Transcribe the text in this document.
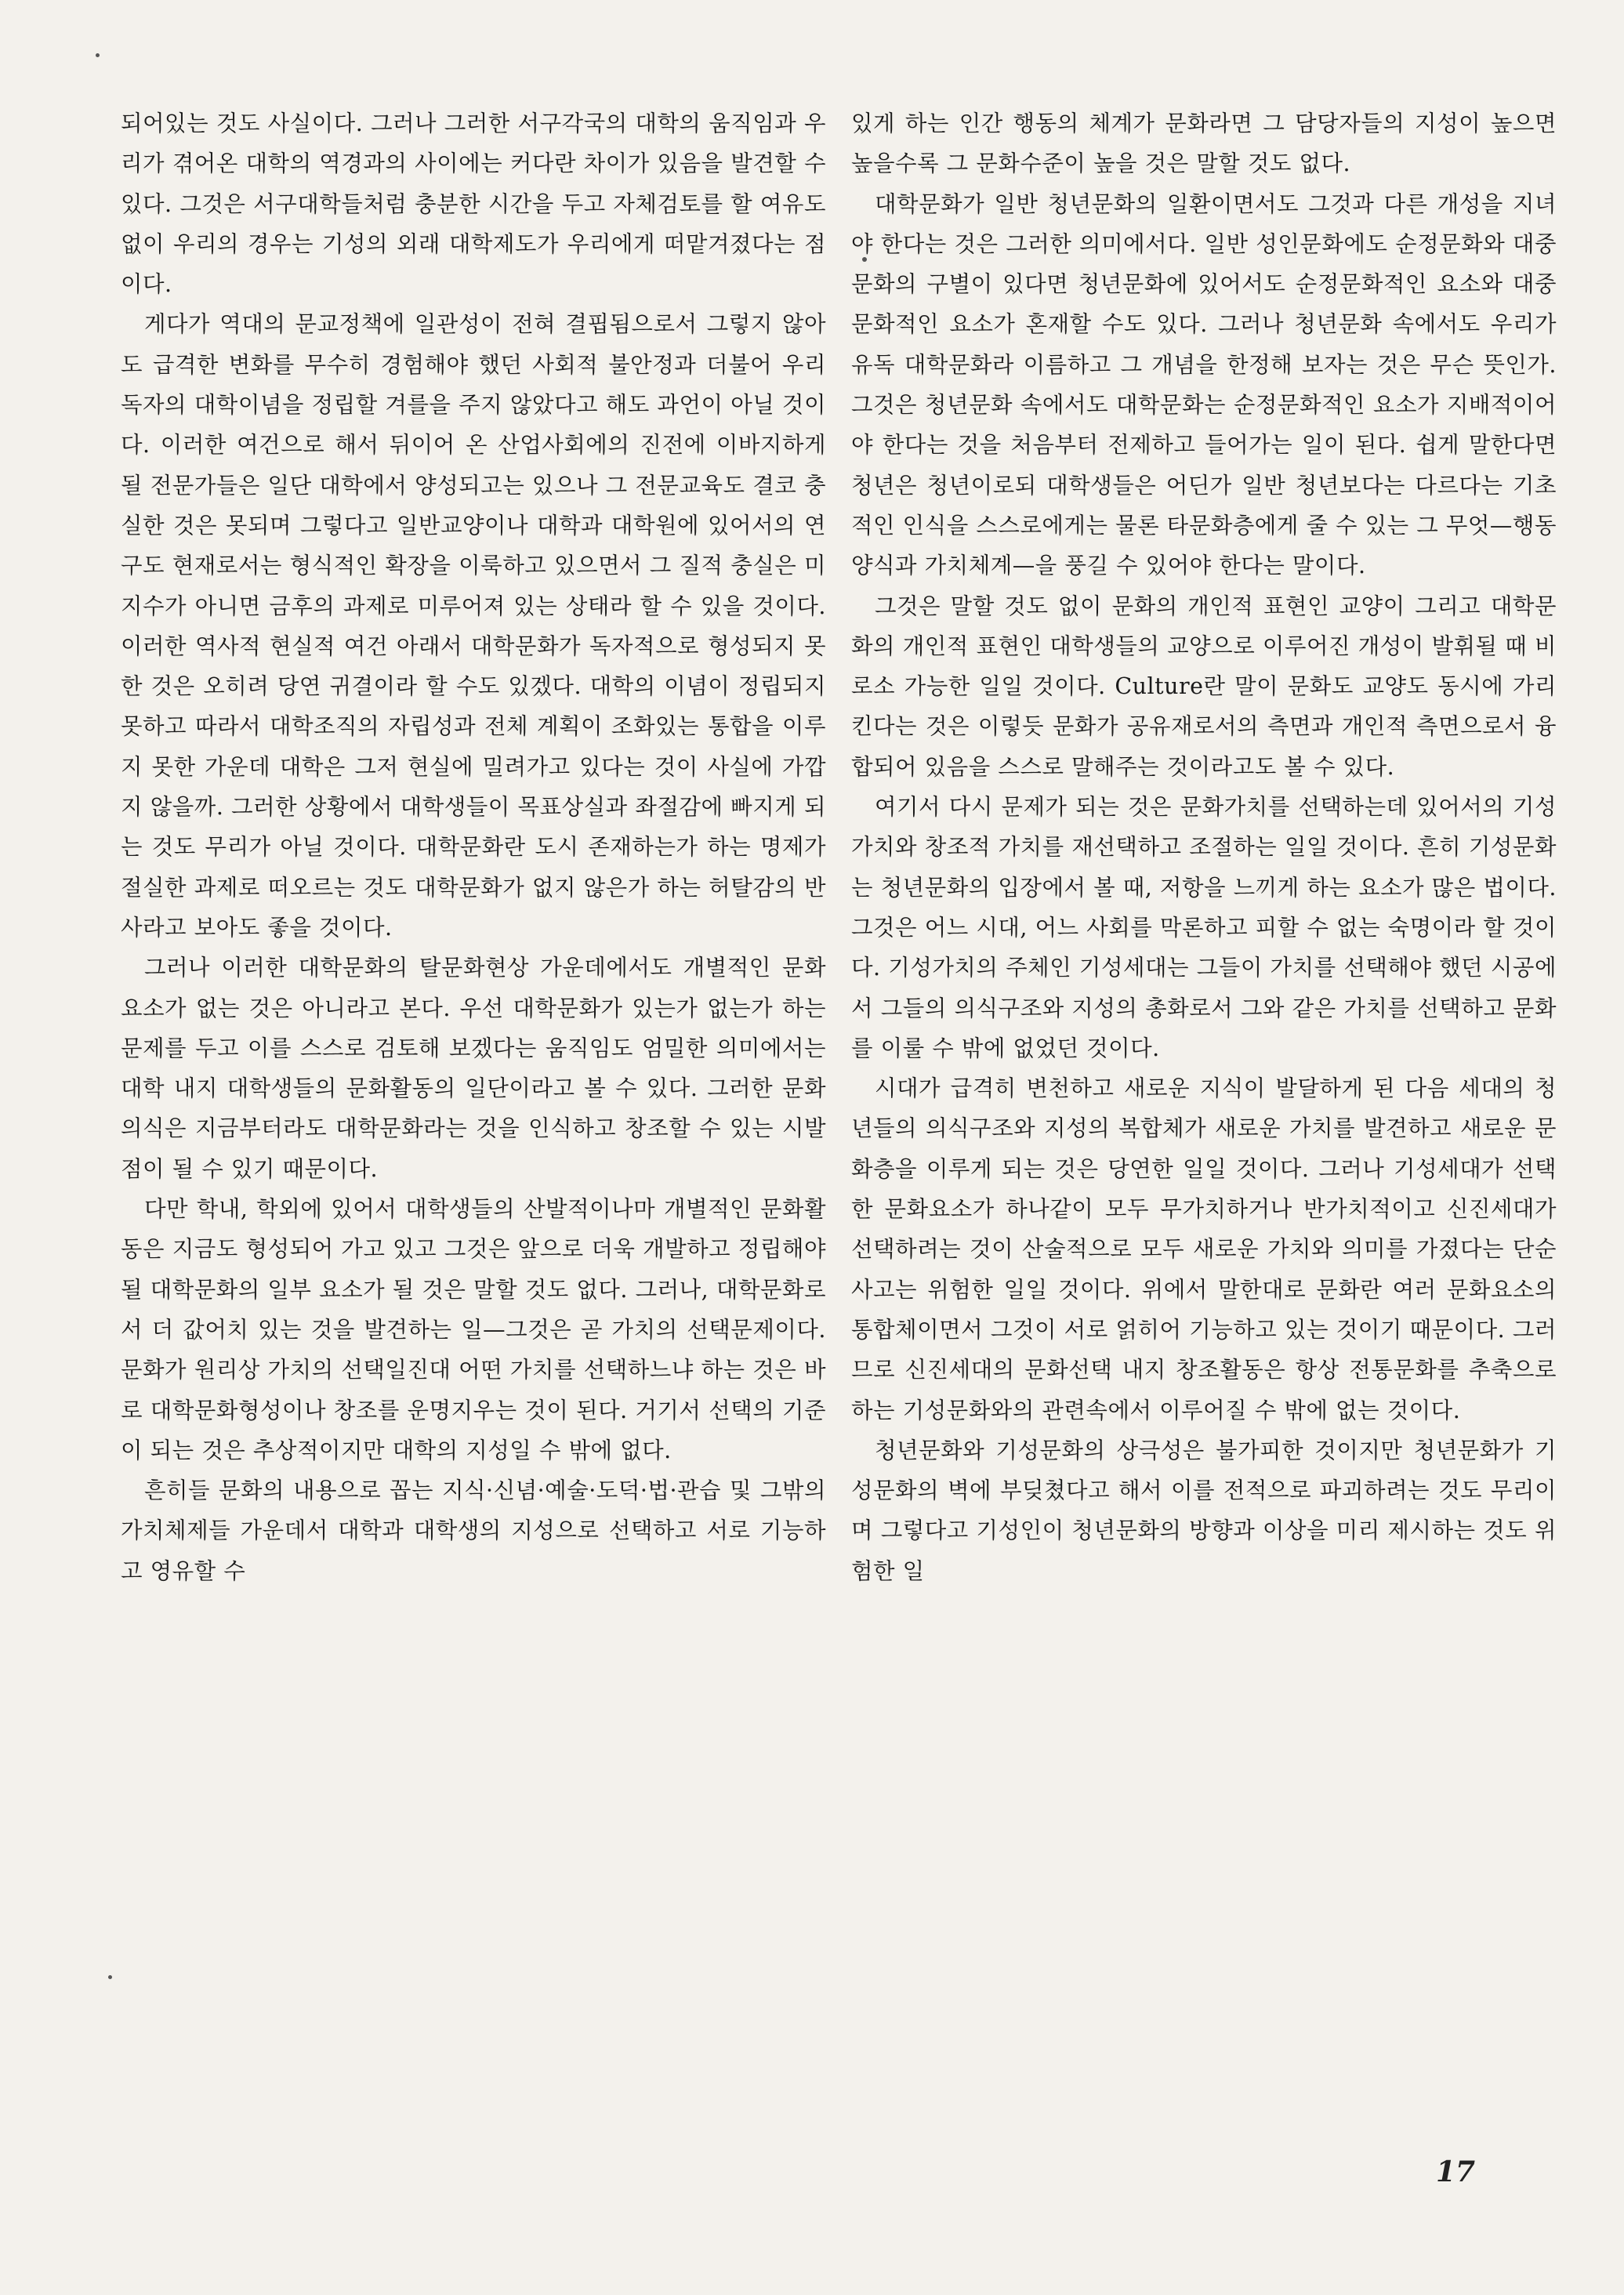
되어있는 것도 사실이다. 그러나 그러한 서구각국의 대학의 움직임과 우리가 겪어온 대학의 역경과의 사이에는 커다란 차이가 있음을 발견할 수 있다. 그것은 서구대학들처럼 충분한 시간을 두고 자체검토를 할 여유도 없이 우리의 경우는 기성의 외래 대학제도가 우리에게 떠맡겨졌다는 점이다.

게다가 역대의 문교정책에 일관성이 전혀 결핍됨으로서 그렇지 않아도 급격한 변화를 무수히 경험해야 했던 사회적 불안정과 더불어 우리 독자의 대학이념을 정립할 겨를을 주지 않았다고 해도 과언이 아닐 것이다. 이러한 여건으로 해서 뒤이어 온 산업사회에의 진전에 이바지하게 될 전문가들은 일단 대학에서 양성되고는 있으나 그 전문교육도 결코 충실한 것은 못되며 그렇다고 일반교양이나 대학과 대학원에 있어서의 연구도 현재로서는 형식적인 확장을 이룩하고 있으면서 그 질적 충실은 미지수가 아니면 금후의 과제로 미루어져 있는 상태라 할 수 있을 것이다. 이러한 역사적 현실적 여건 아래서 대학문화가 독자적으로 형성되지 못한 것은 오히려 당연 귀결이라 할 수도 있겠다. 대학의 이념이 정립되지 못하고 따라서 대학조직의 자립성과 전체 계획이 조화있는 통합을 이루지 못한 가운데 대학은 그저 현실에 밀려가고 있다는 것이 사실에 가깝지 않을까. 그러한 상황에서 대학생들이 목표상실과 좌절감에 빠지게 되는 것도 무리가 아닐 것이다. 대학문화란 도시 존재하는가 하는 명제가 절실한 과제로 떠오르는 것도 대학문화가 없지 않은가 하는 허탈감의 반사라고 보아도 좋을 것이다.

그러나 이러한 대학문화의 탈문화현상 가운데에서도 개별적인 문화요소가 없는 것은 아니라고 본다. 우선 대학문화가 있는가 없는가 하는 문제를 두고 이를 스스로 검토해 보겠다는 움직임도 엄밀한 의미에서는 대학 내지 대학생들의 문화활동의 일단이라고 볼 수 있다. 그러한 문화의식은 지금부터라도 대학문화라는 것을 인식하고 창조할 수 있는 시발점이 될 수 있기 때문이다.

다만 학내, 학외에 있어서 대학생들의 산발적이나마 개별적인 문화활동은 지금도 형성되어 가고 있고 그것은 앞으로 더욱 개발하고 정립해야 될 대학문화의 일부 요소가 될 것은 말할 것도 없다. 그러나, 대학문화로서 더 값어치 있는 것을 발견하는 일—그것은 곧 가치의 선택문제이다. 문화가 원리상 가치의 선택일진대 어떤 가치를 선택하느냐 하는 것은 바로 대학문화형성이나 창조를 운명지우는 것이 된다. 거기서 선택의 기준이 되는 것은 추상적이지만 대학의 지성일 수 밖에 없다.

흔히들 문화의 내용으로 꼽는 지식·신념·예술·도덕·법·관습 및 그밖의 가치체제들 가운데서 대학과 대학생의 지성으로 선택하고 서로 기능하고 영유할 수

있게 하는 인간 행동의 체계가 문화라면 그 담당자들의 지성이 높으면 높을수록 그 문화수준이 높을 것은 말할 것도 없다.

대학문화가 일반 청년문화의 일환이면서도 그것과 다른 개성을 지녀야 한다는 것은 그러한 의미에서다. 일반 성인문화에도 순정문화와 대중문화의 구별이 있다면 청년문화에 있어서도 순정문화적인 요소와 대중문화적인 요소가 혼재할 수도 있다. 그러나 청년문화 속에서도 우리가 유독 대학문화라 이름하고 그 개념을 한정해 보자는 것은 무슨 뜻인가. 그것은 청년문화 속에서도 대학문화는 순정문화적인 요소가 지배적이어야 한다는 것을 처음부터 전제하고 들어가는 일이 된다. 쉽게 말한다면 청년은 청년이로되 대학생들은 어딘가 일반 청년보다는 다르다는 기초적인 인식을 스스로에게는 물론 타문화층에게 줄 수 있는 그 무엇—행동양식과 가치체계—을 풍길 수 있어야 한다는 말이다.

그것은 말할 것도 없이 문화의 개인적 표현인 교양이 그리고 대학문화의 개인적 표현인 대학생들의 교양으로 이루어진 개성이 발휘될 때 비로소 가능한 일일 것이다. Culture란 말이 문화도 교양도 동시에 가리킨다는 것은 이렇듯 문화가 공유재로서의 측면과 개인적 측면으로서 융합되어 있음을 스스로 말해주는 것이라고도 볼 수 있다.

여기서 다시 문제가 되는 것은 문화가치를 선택하는데 있어서의 기성가치와 창조적 가치를 재선택하고 조절하는 일일 것이다. 흔히 기성문화는 청년문화의 입장에서 볼 때, 저항을 느끼게 하는 요소가 많은 법이다. 그것은 어느 시대, 어느 사회를 막론하고 피할 수 없는 숙명이라 할 것이다. 기성가치의 주체인 기성세대는 그들이 가치를 선택해야 했던 시공에서 그들의 의식구조와 지성의 총화로서 그와 같은 가치를 선택하고 문화를 이룰 수 밖에 없었던 것이다.

시대가 급격히 변천하고 새로운 지식이 발달하게 된 다음 세대의 청년들의 의식구조와 지성의 복합체가 새로운 가치를 발견하고 새로운 문화층을 이루게 되는 것은 당연한 일일 것이다. 그러나 기성세대가 선택한 문화요소가 하나같이 모두 무가치하거나 반가치적이고 신진세대가 선택하려는 것이 산술적으로 모두 새로운 가치와 의미를 가졌다는 단순사고는 위험한 일일 것이다. 위에서 말한대로 문화란 여러 문화요소의 통합체이면서 그것이 서로 얽히어 기능하고 있는 것이기 때문이다. 그러므로 신진세대의 문화선택 내지 창조활동은 항상 전통문화를 추축으로하는 기성문화와의 관련속에서 이루어질 수 밖에 없는 것이다.

청년문화와 기성문화의 상극성은 불가피한 것이지만 청년문화가 기성문화의 벽에 부딪쳤다고 해서 이를 전적으로 파괴하려는 것도 무리이며 그렇다고 기성인이 청년문화의 방향과 이상을 미리 제시하는 것도 위험한 일

17
